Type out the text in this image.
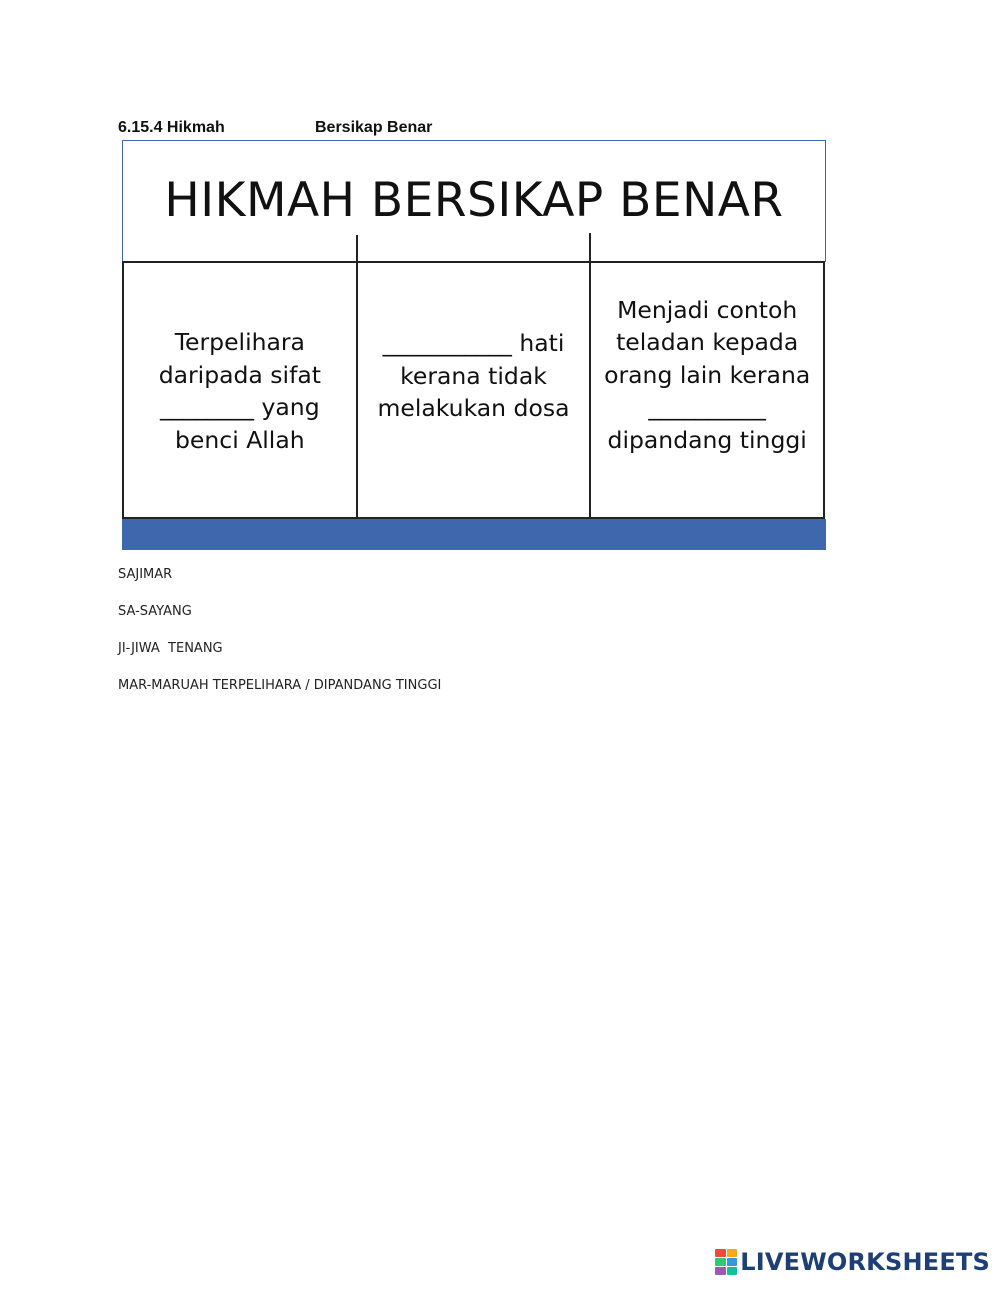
6.15.4 Hikmah	Bersikap Benar
HIKMAH BERSIKAP BENAR
Terpelihara
daripada sifat
________ yang
benci Allah
___________ hati
kerana tidak
melakukan dosa
Menjadi contoh
teladan kepada
orang lain kerana
__________
dipandang tinggi
SAJIMAR
SA-SAYANG
JI-JIWA  TENANG
MAR-MARUAH TERPELIHARA / DIPANDANG TINGGI
LIVEWORKSHEETS
